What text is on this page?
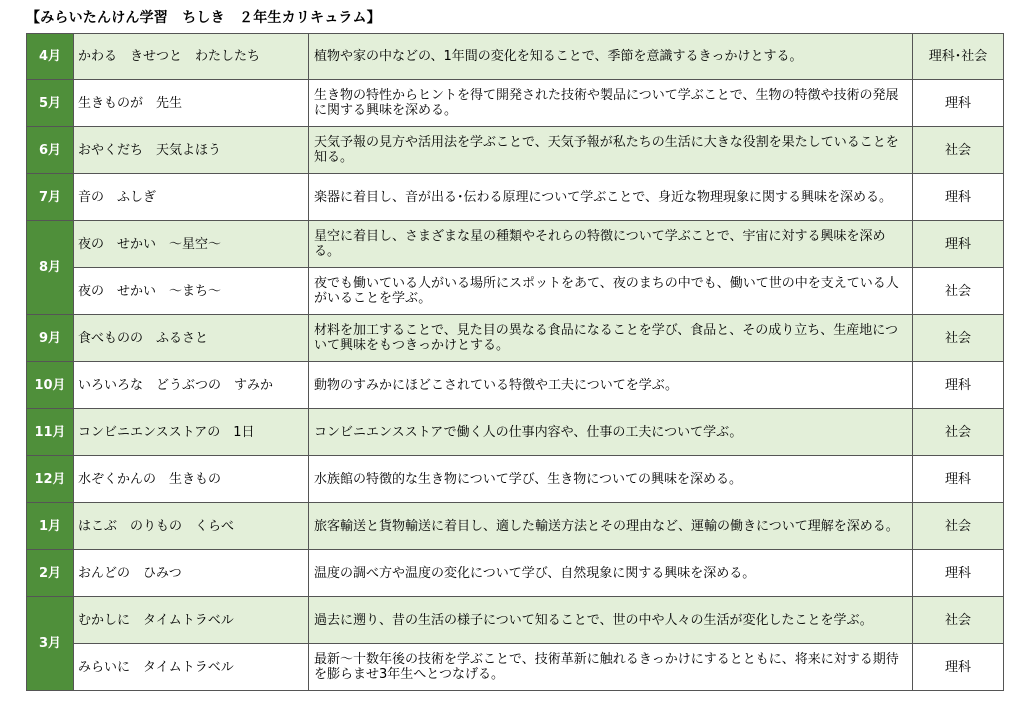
【みらいたんけん学習　ちしき　２年生カリキュラム】
4月	かわる　きせつと　わたしたち	植物や家の中などの、1年間の変化を知ることで、季節を意識するきっかけとする。	理科･社会
5月	生きものが　先生	生き物の特性からヒントを得て開発された技術や製品について学ぶことで、生物の特徴や技術の発展に関する興味を深める。	理科
6月	おやくだち　天気よほう	天気予報の見方や活用法を学ぶことで、天気予報が私たちの生活に大きな役割を果たしていることを知る。	社会
7月	音の　ふしぎ	楽器に着目し、音が出る･伝わる原理について学ぶことで、身近な物理現象に関する興味を深める。	理科
8月	夜の　せかい　～星空～	星空に着目し、さまざまな星の種類やそれらの特徴について学ぶことで、宇宙に対する興味を深める。	理科
	夜の　せかい　～まち～	夜でも働いている人がいる場所にスポットをあて、夜のまちの中でも、働いて世の中を支えている人がいることを学ぶ。	社会
9月	食べものの　ふるさと	材料を加工することで、見た目の異なる食品になることを学び、食品と、その成り立ち、生産地について興味をもつきっかけとする。	社会
10月	いろいろな　どうぶつの　すみか	動物のすみかにほどこされている特徴や工夫についてを学ぶ。	理科
11月	コンビニエンスストアの　1日	コンビニエンスストアで働く人の仕事内容や、仕事の工夫について学ぶ。	社会
12月	水ぞくかんの　生きもの	水族館の特徴的な生き物について学び、生き物についての興味を深める。	理科
1月	はこぶ　のりもの　くらべ	旅客輸送と貨物輸送に着目し、適した輸送方法とその理由など、運輸の働きについて理解を深める。	社会
2月	おんどの　ひみつ	温度の調べ方や温度の変化について学び、自然現象に関する興味を深める。	理科
3月	むかしに　タイムトラベル	過去に遡り、昔の生活の様子について知ることで、世の中や人々の生活が変化したことを学ぶ。	社会
	みらいに　タイムトラベル	最新～十数年後の技術を学ぶことで、技術革新に触れるきっかけにするとともに、将来に対する期待を膨らませ3年生へとつなげる。	理科
